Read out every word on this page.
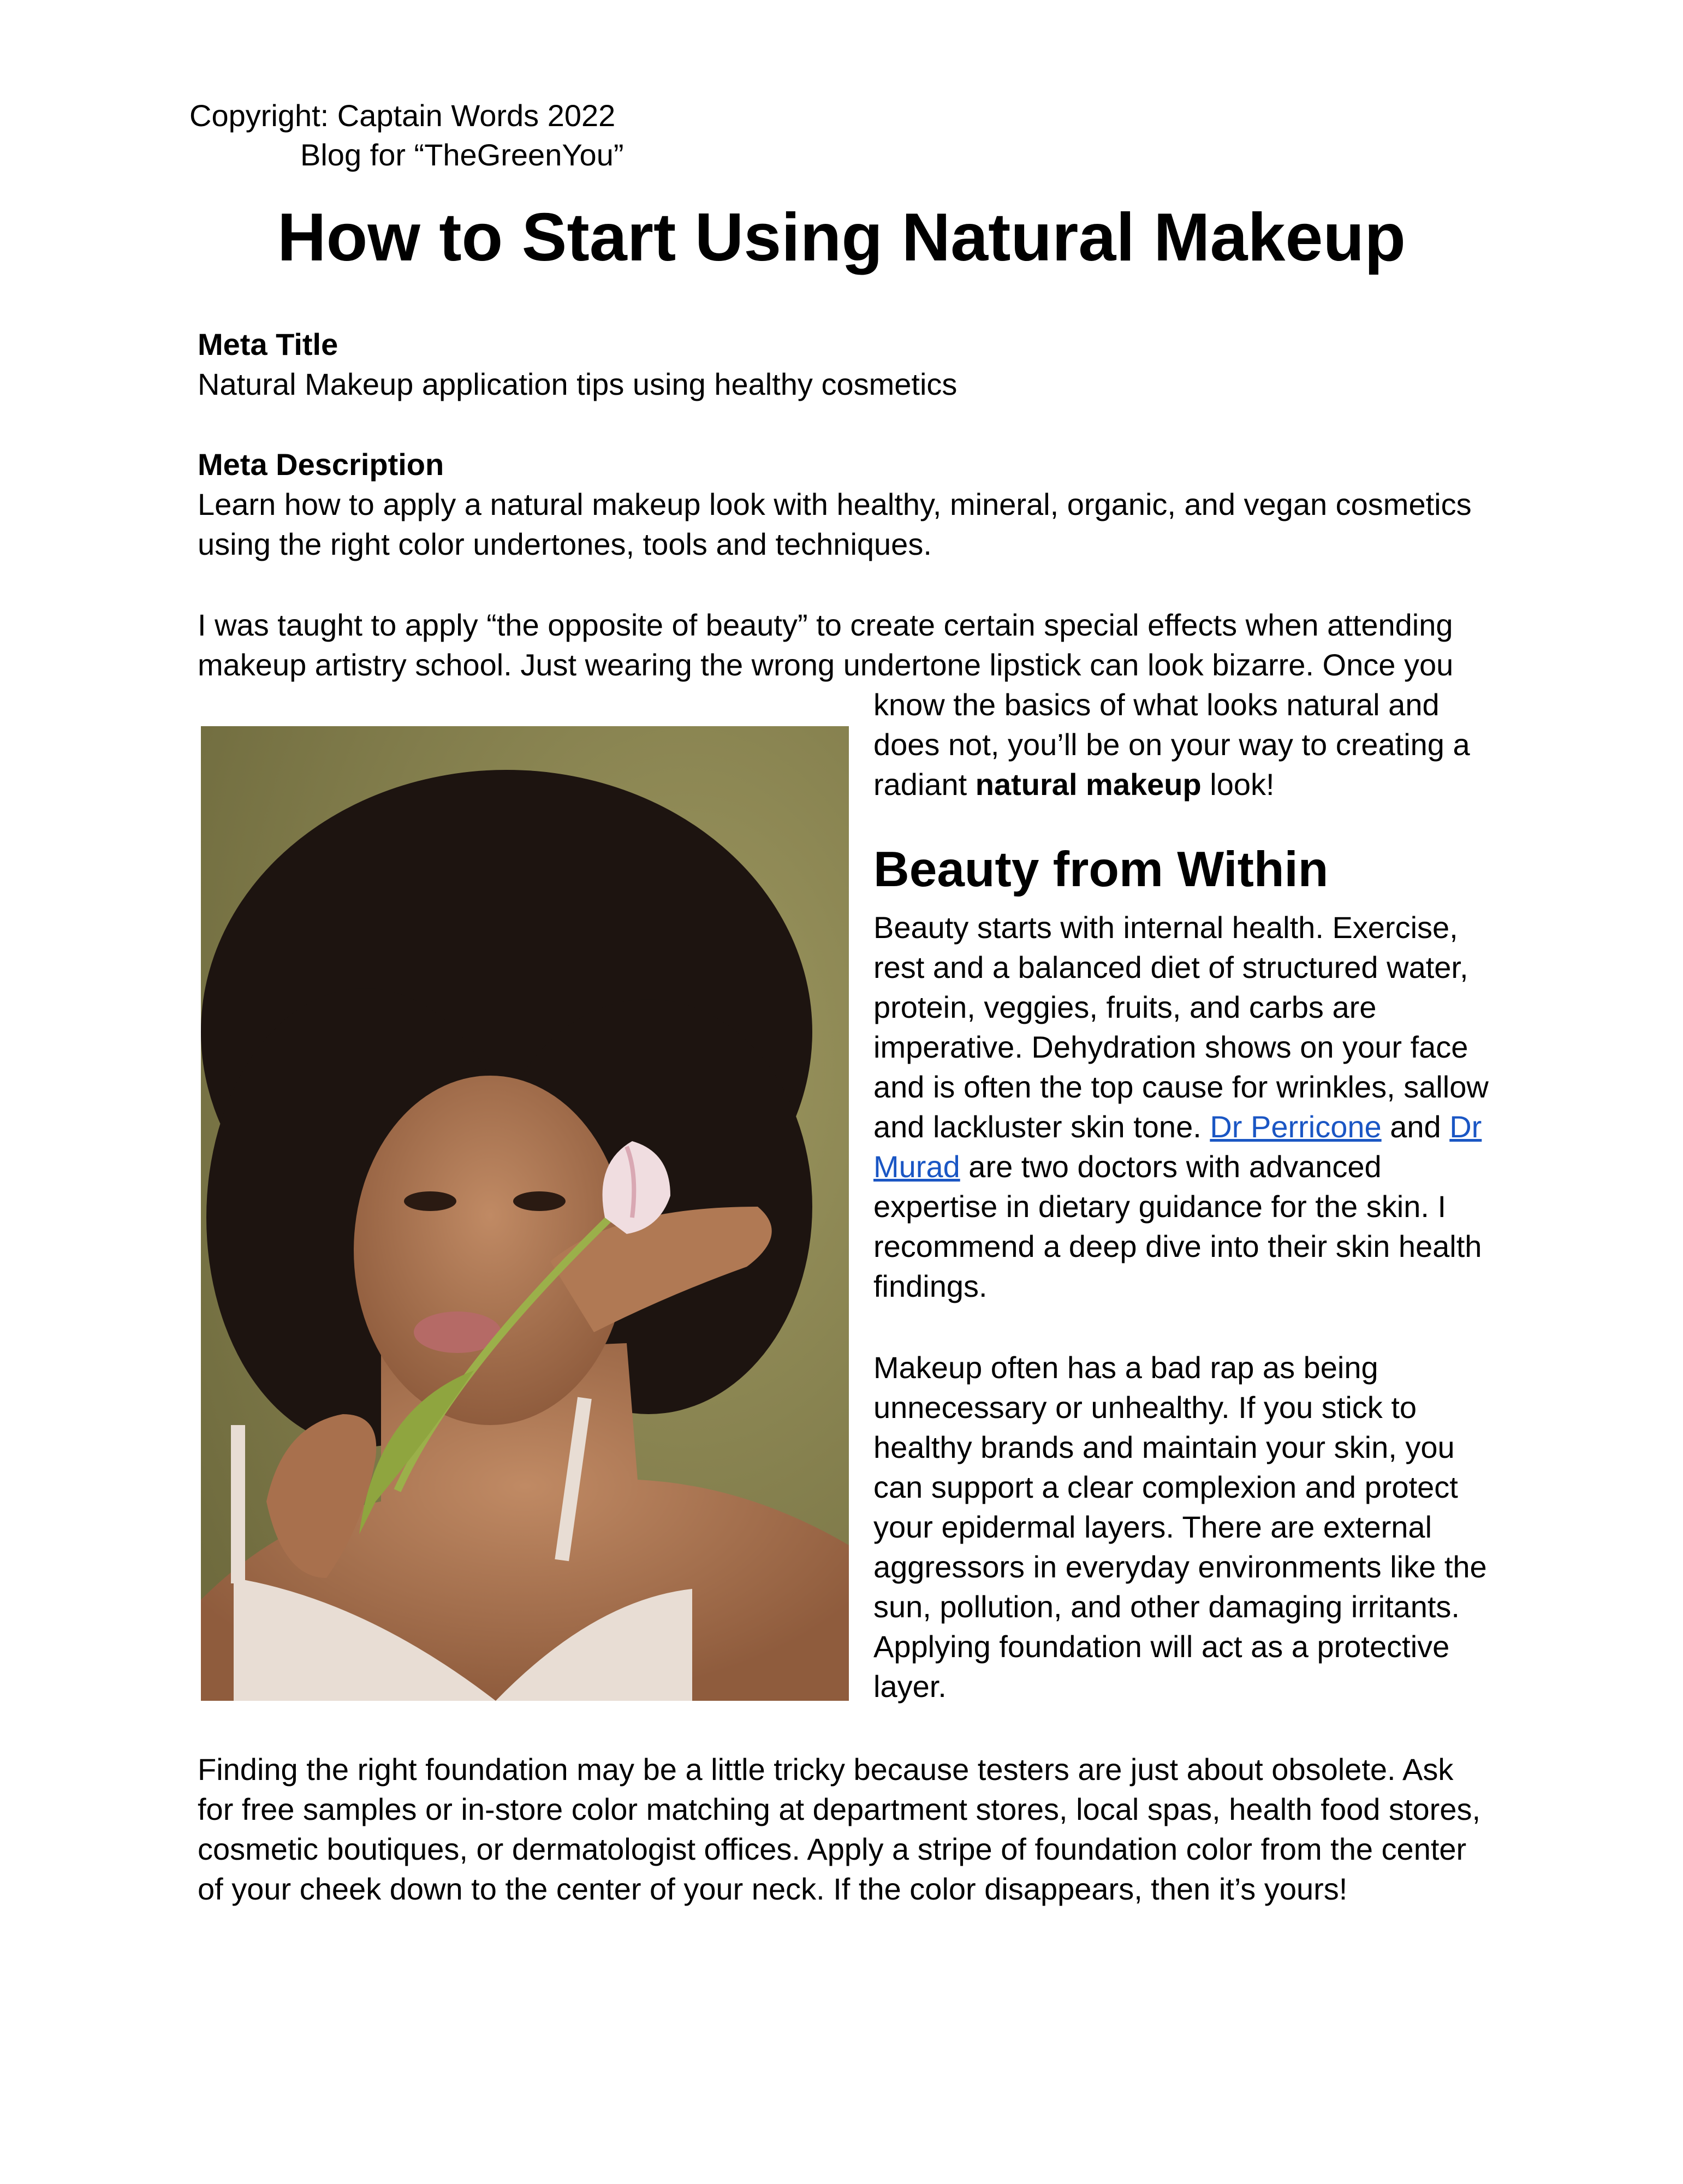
Copyright: Captain Words 2022
Blog for “TheGreenYou”
How to Start Using Natural Makeup
Meta Title
Natural Makeup application tips using healthy cosmetics
Meta Description
Learn how to apply a natural makeup look with healthy, mineral, organic, and vegan cosmetics
using the right color undertones, tools and techniques.
I was taught to apply “the opposite of beauty” to create certain special effects when attending
makeup artistry school. Just wearing the wrong undertone lipstick can look bizarre. Once you
know the basics of what looks natural and
does not, you’ll be on your way to creating a
radiant natural makeup look!
Beauty from Within
Beauty starts with internal health. Exercise,
rest and a balanced diet of structured water,
protein, veggies, fruits, and carbs are
imperative. Dehydration shows on your face
and is often the top cause for wrinkles, sallow
and lackluster skin tone. Dr Perricone and Dr
Murad are two doctors with advanced
expertise in dietary guidance for the skin. I
recommend a deep dive into their skin health
findings.
Makeup often has a bad rap as being
unnecessary or unhealthy. If you stick to
healthy brands and maintain your skin, you
can support a clear complexion and protect
your epidermal layers. There are external
aggressors in everyday environments like the
sun, pollution, and other damaging irritants.
Applying foundation will act as a protective
layer.
Finding the right foundation may be a little tricky because testers are just about obsolete. Ask
for free samples or in-store color matching at department stores, local spas, health food stores,
cosmetic boutiques, or dermatologist offices. Apply a stripe of foundation color from the center
of your cheek down to the center of your neck. If the color disappears, then it’s yours!
